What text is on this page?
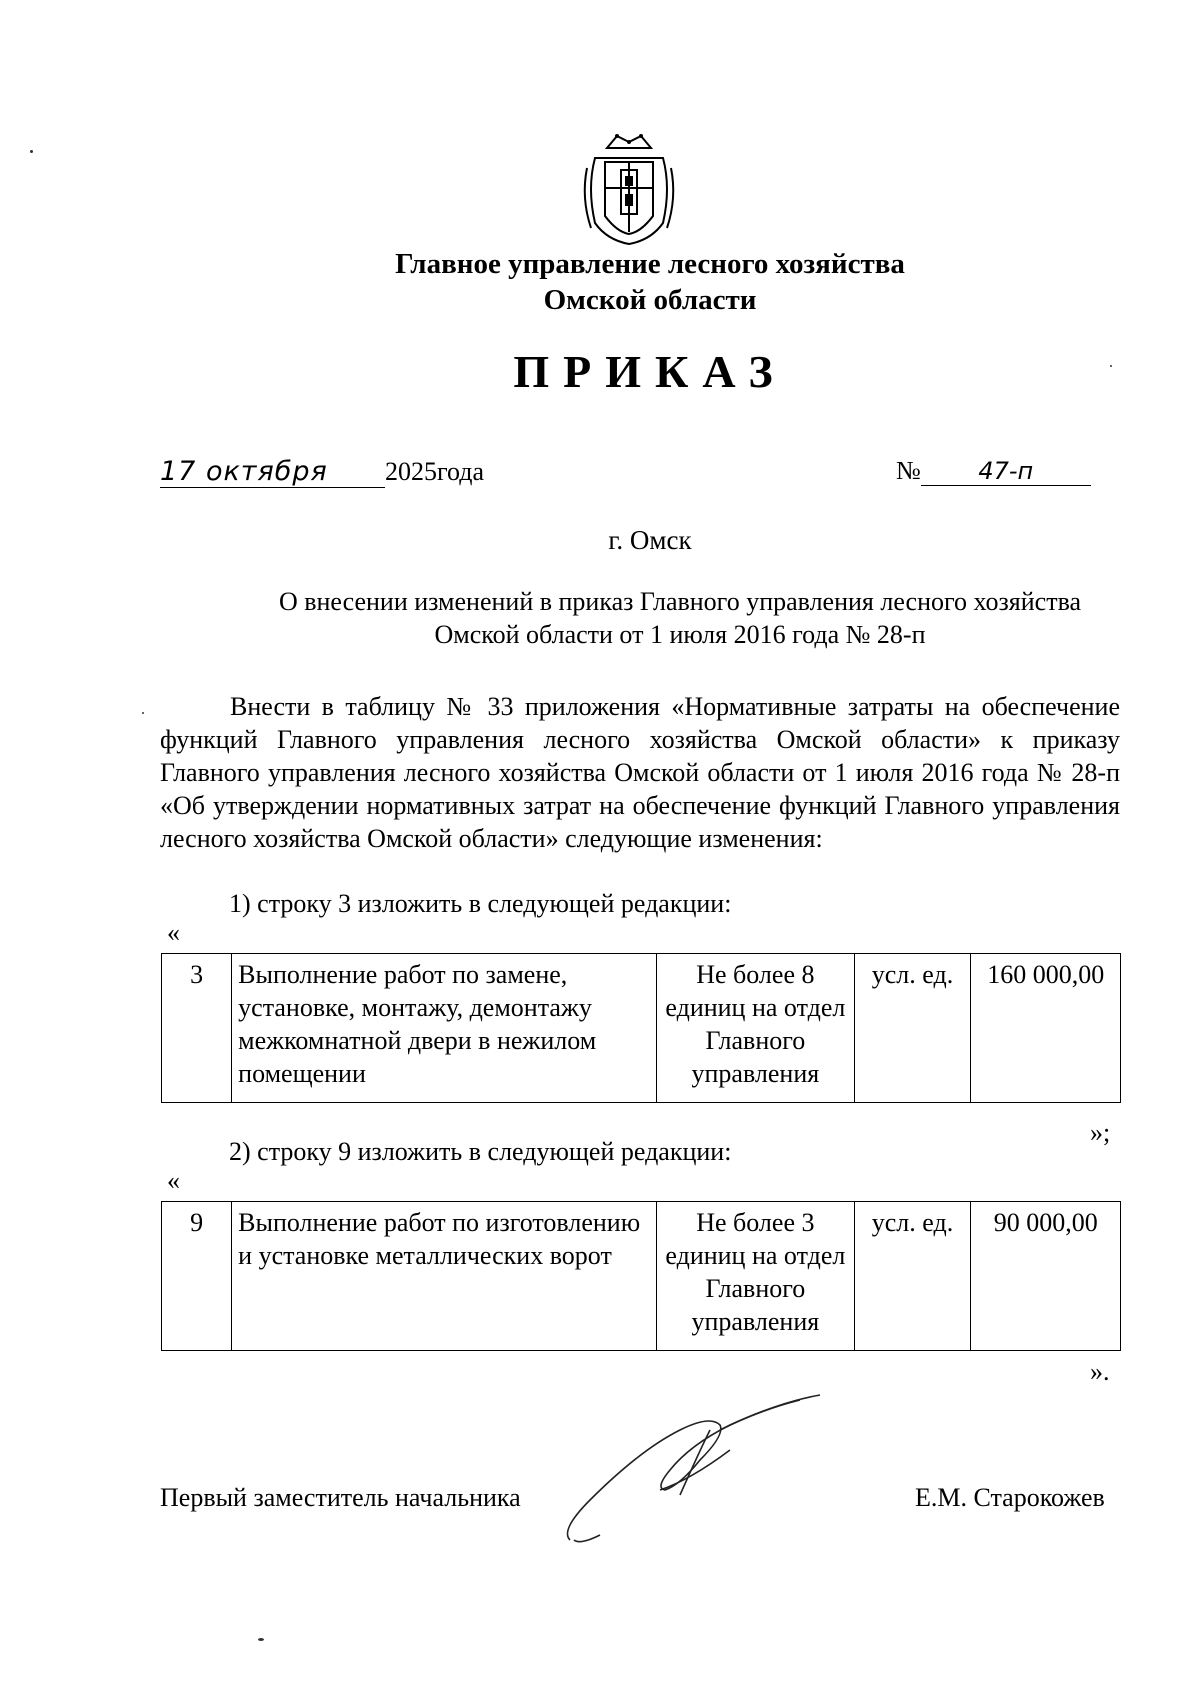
Главное управление лесного хозяйства
Омской области
ПРИКАЗ
17 октября 2025года	№ 47-п
г. Омск
О внесении изменений в приказ Главного управления лесного хозяйства
Омской области от 1 июля 2016 года № 28-п
Внести в таблицу № 33 приложения «Нормативные затраты на обеспечение функций Главного управления лесного хозяйства Омской области» к приказу Главного управления лесного хозяйства Омской области от 1 июля 2016 года № 28-п «Об утверждении нормативных затрат на обеспечение функций Главного управления лесного хозяйства Омской области» следующие изменения:
1) строку 3 изложить в следующей редакции:
«
3	Выполнение работ по замене, установке, монтажу, демонтажу межкомнатной двери в нежилом помещении	Не более 8 единиц на отдел Главного управления	усл. ед.	160 000,00
»;
2) строку 9 изложить в следующей редакции:
«
9	Выполнение работ по изготовлению и установке металлических ворот	Не более 3 единиц на отдел Главного управления	усл. ед.	90 000,00
».
Первый заместитель начальника	Е.М. Старокожев
